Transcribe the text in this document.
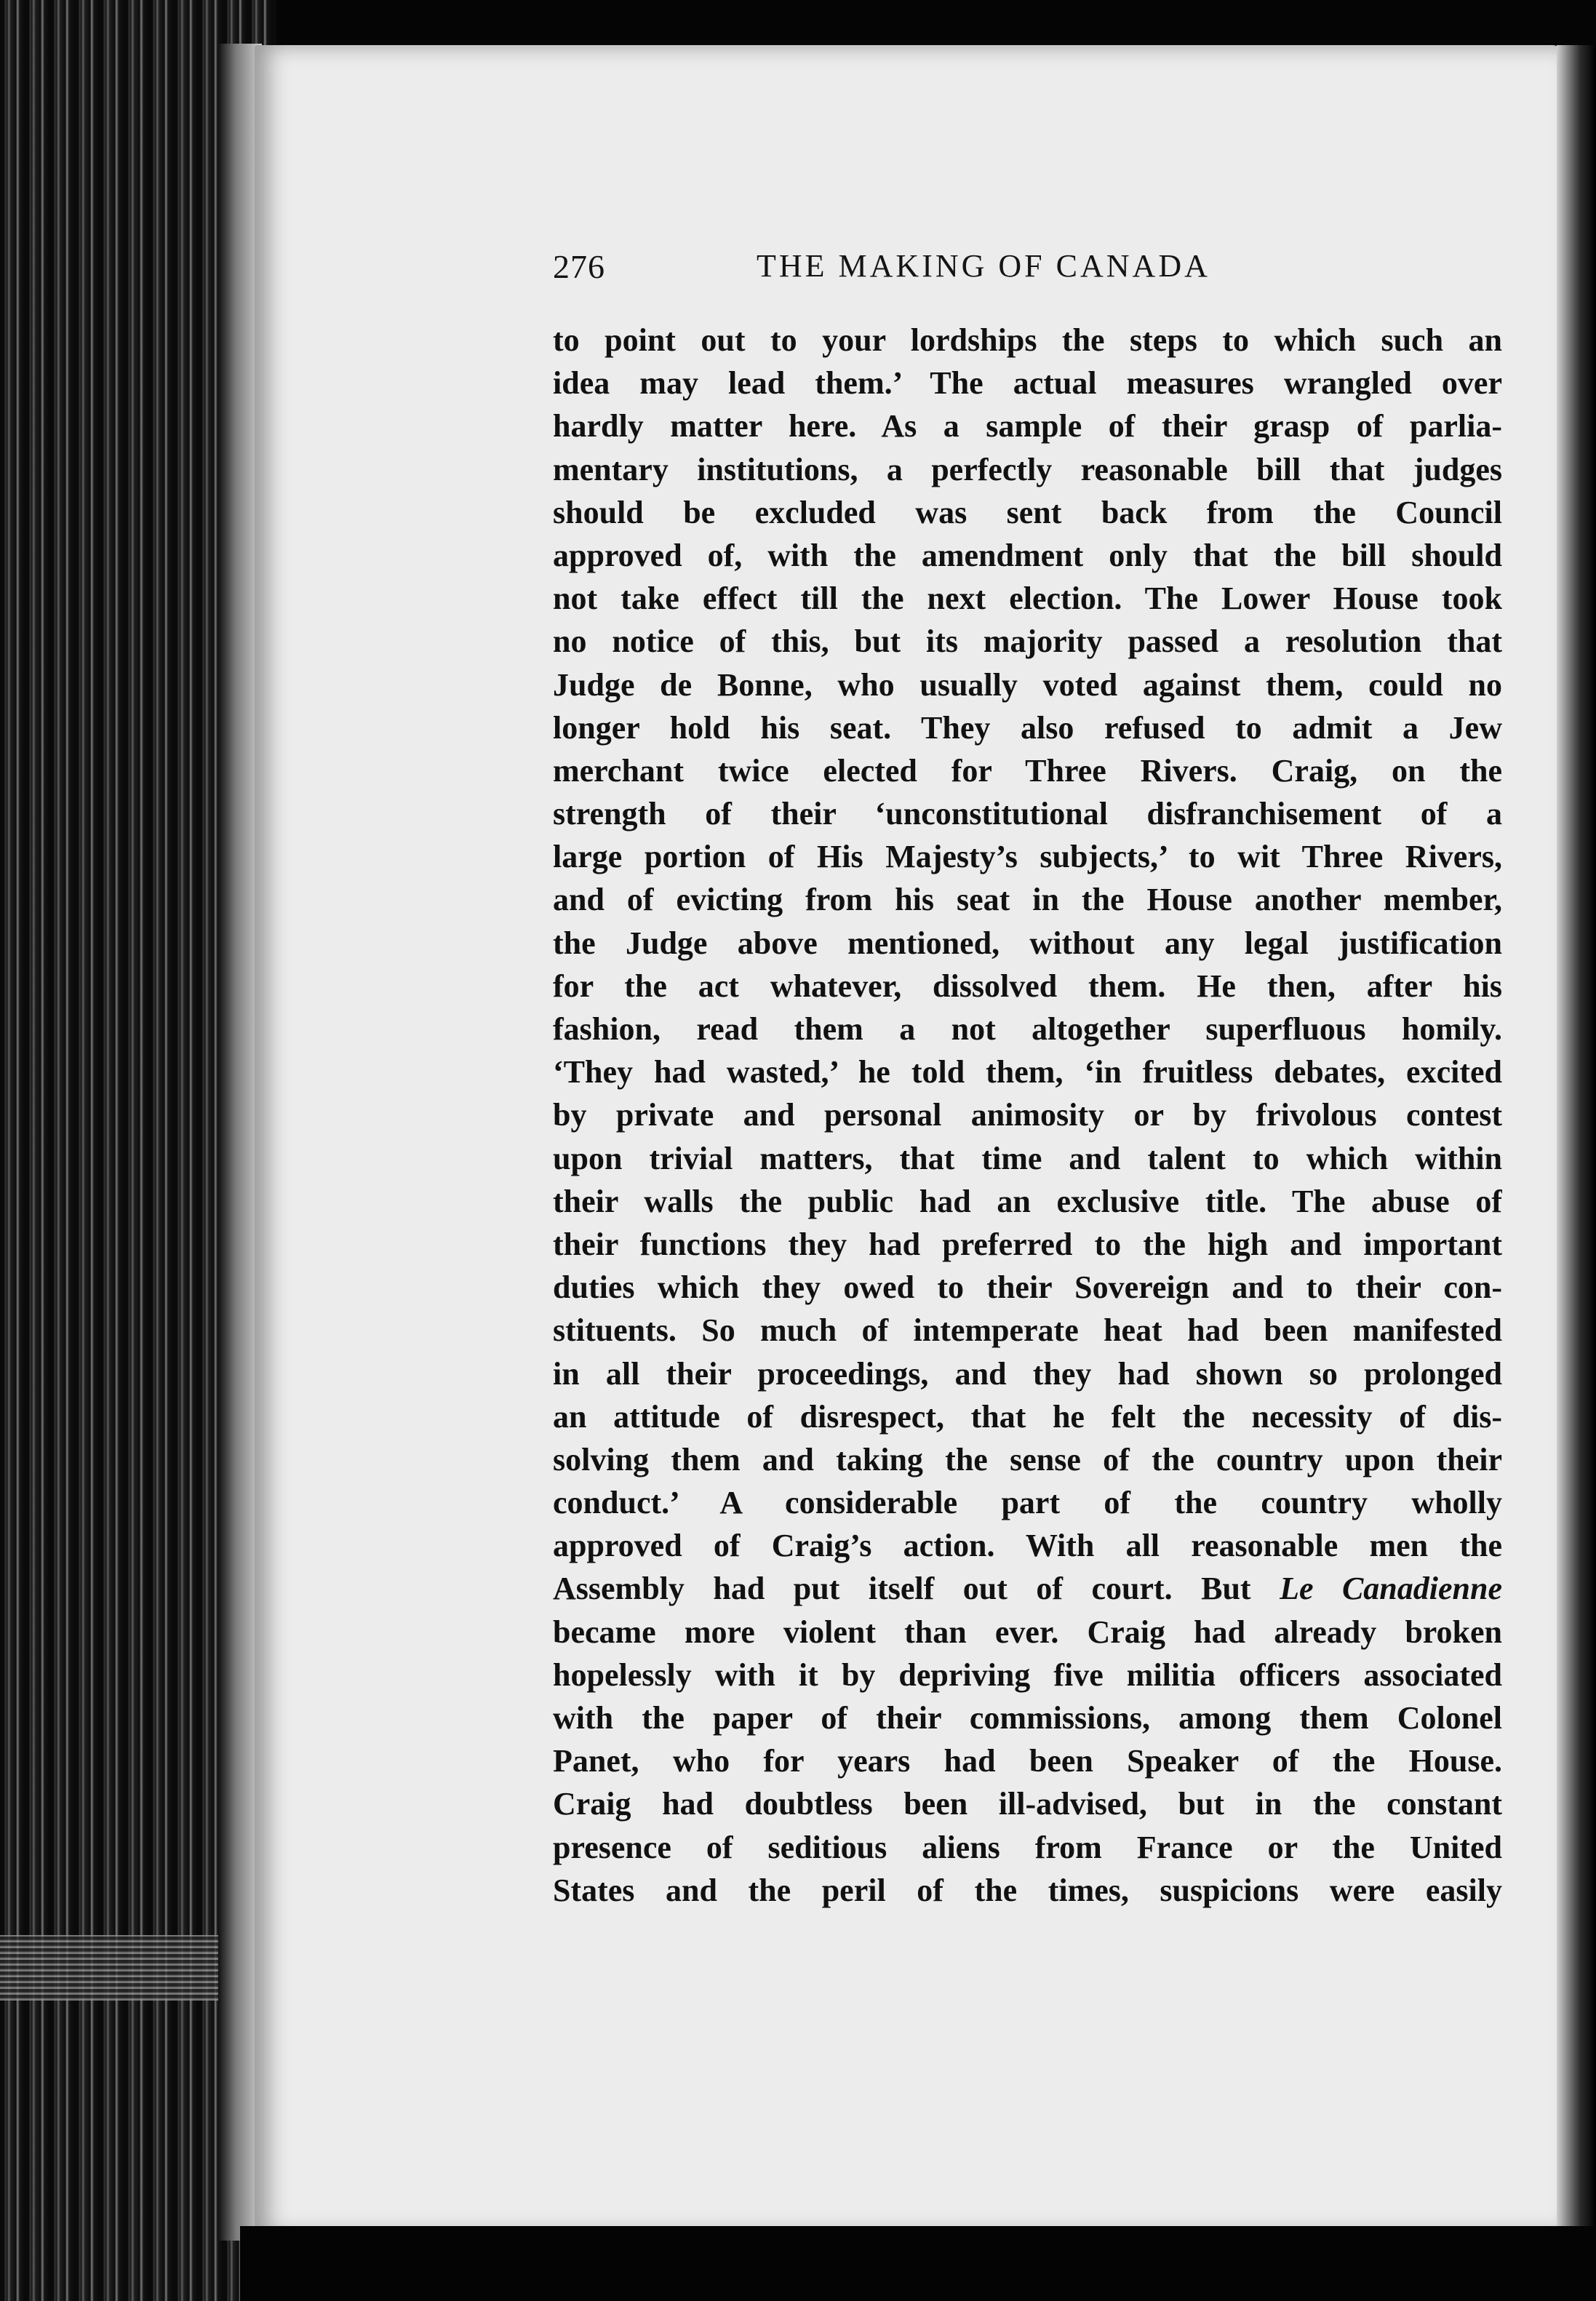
276	THE MAKING OF CANADA
to point out to your lordships the steps to which such an
idea may lead them.’ The actual measures wrangled over
hardly matter here. As a sample of their grasp of parlia-
mentary institutions, a perfectly reasonable bill that judges
should be excluded was sent back from the Council
approved of, with the amendment only that the bill should
not take effect till the next election. The Lower House took
no notice of this, but its majority passed a resolution that
Judge de Bonne, who usually voted against them, could no
longer hold his seat. They also refused to admit a Jew
merchant twice elected for Three Rivers. Craig, on the
strength of their ‘unconstitutional disfranchisement of a
large portion of His Majesty’s subjects,’ to wit Three Rivers,
and of evicting from his seat in the House another member,
the Judge above mentioned, without any legal justification
for the act whatever, dissolved them. He then, after his
fashion, read them a not altogether superfluous homily.
‘They had wasted,’ he told them, ‘in fruitless debates, excited
by private and personal animosity or by frivolous contest
upon trivial matters, that time and talent to which within
their walls the public had an exclusive title. The abuse of
their functions they had preferred to the high and important
duties which they owed to their Sovereign and to their con-
stituents. So much of intemperate heat had been manifested
in all their proceedings, and they had shown so prolonged
an attitude of disrespect, that he felt the necessity of dis-
solving them and taking the sense of the country upon their
conduct.’ A considerable part of the country wholly
approved of Craig’s action. With all reasonable men the
Assembly had put itself out of court. But Le Canadienne
became more violent than ever. Craig had already broken
hopelessly with it by depriving five militia officers associated
with the paper of their commissions, among them Colonel
Panet, who for years had been Speaker of the House.
Craig had doubtless been ill-advised, but in the constant
presence of seditious aliens from France or the United
States and the peril of the times, suspicions were easily
